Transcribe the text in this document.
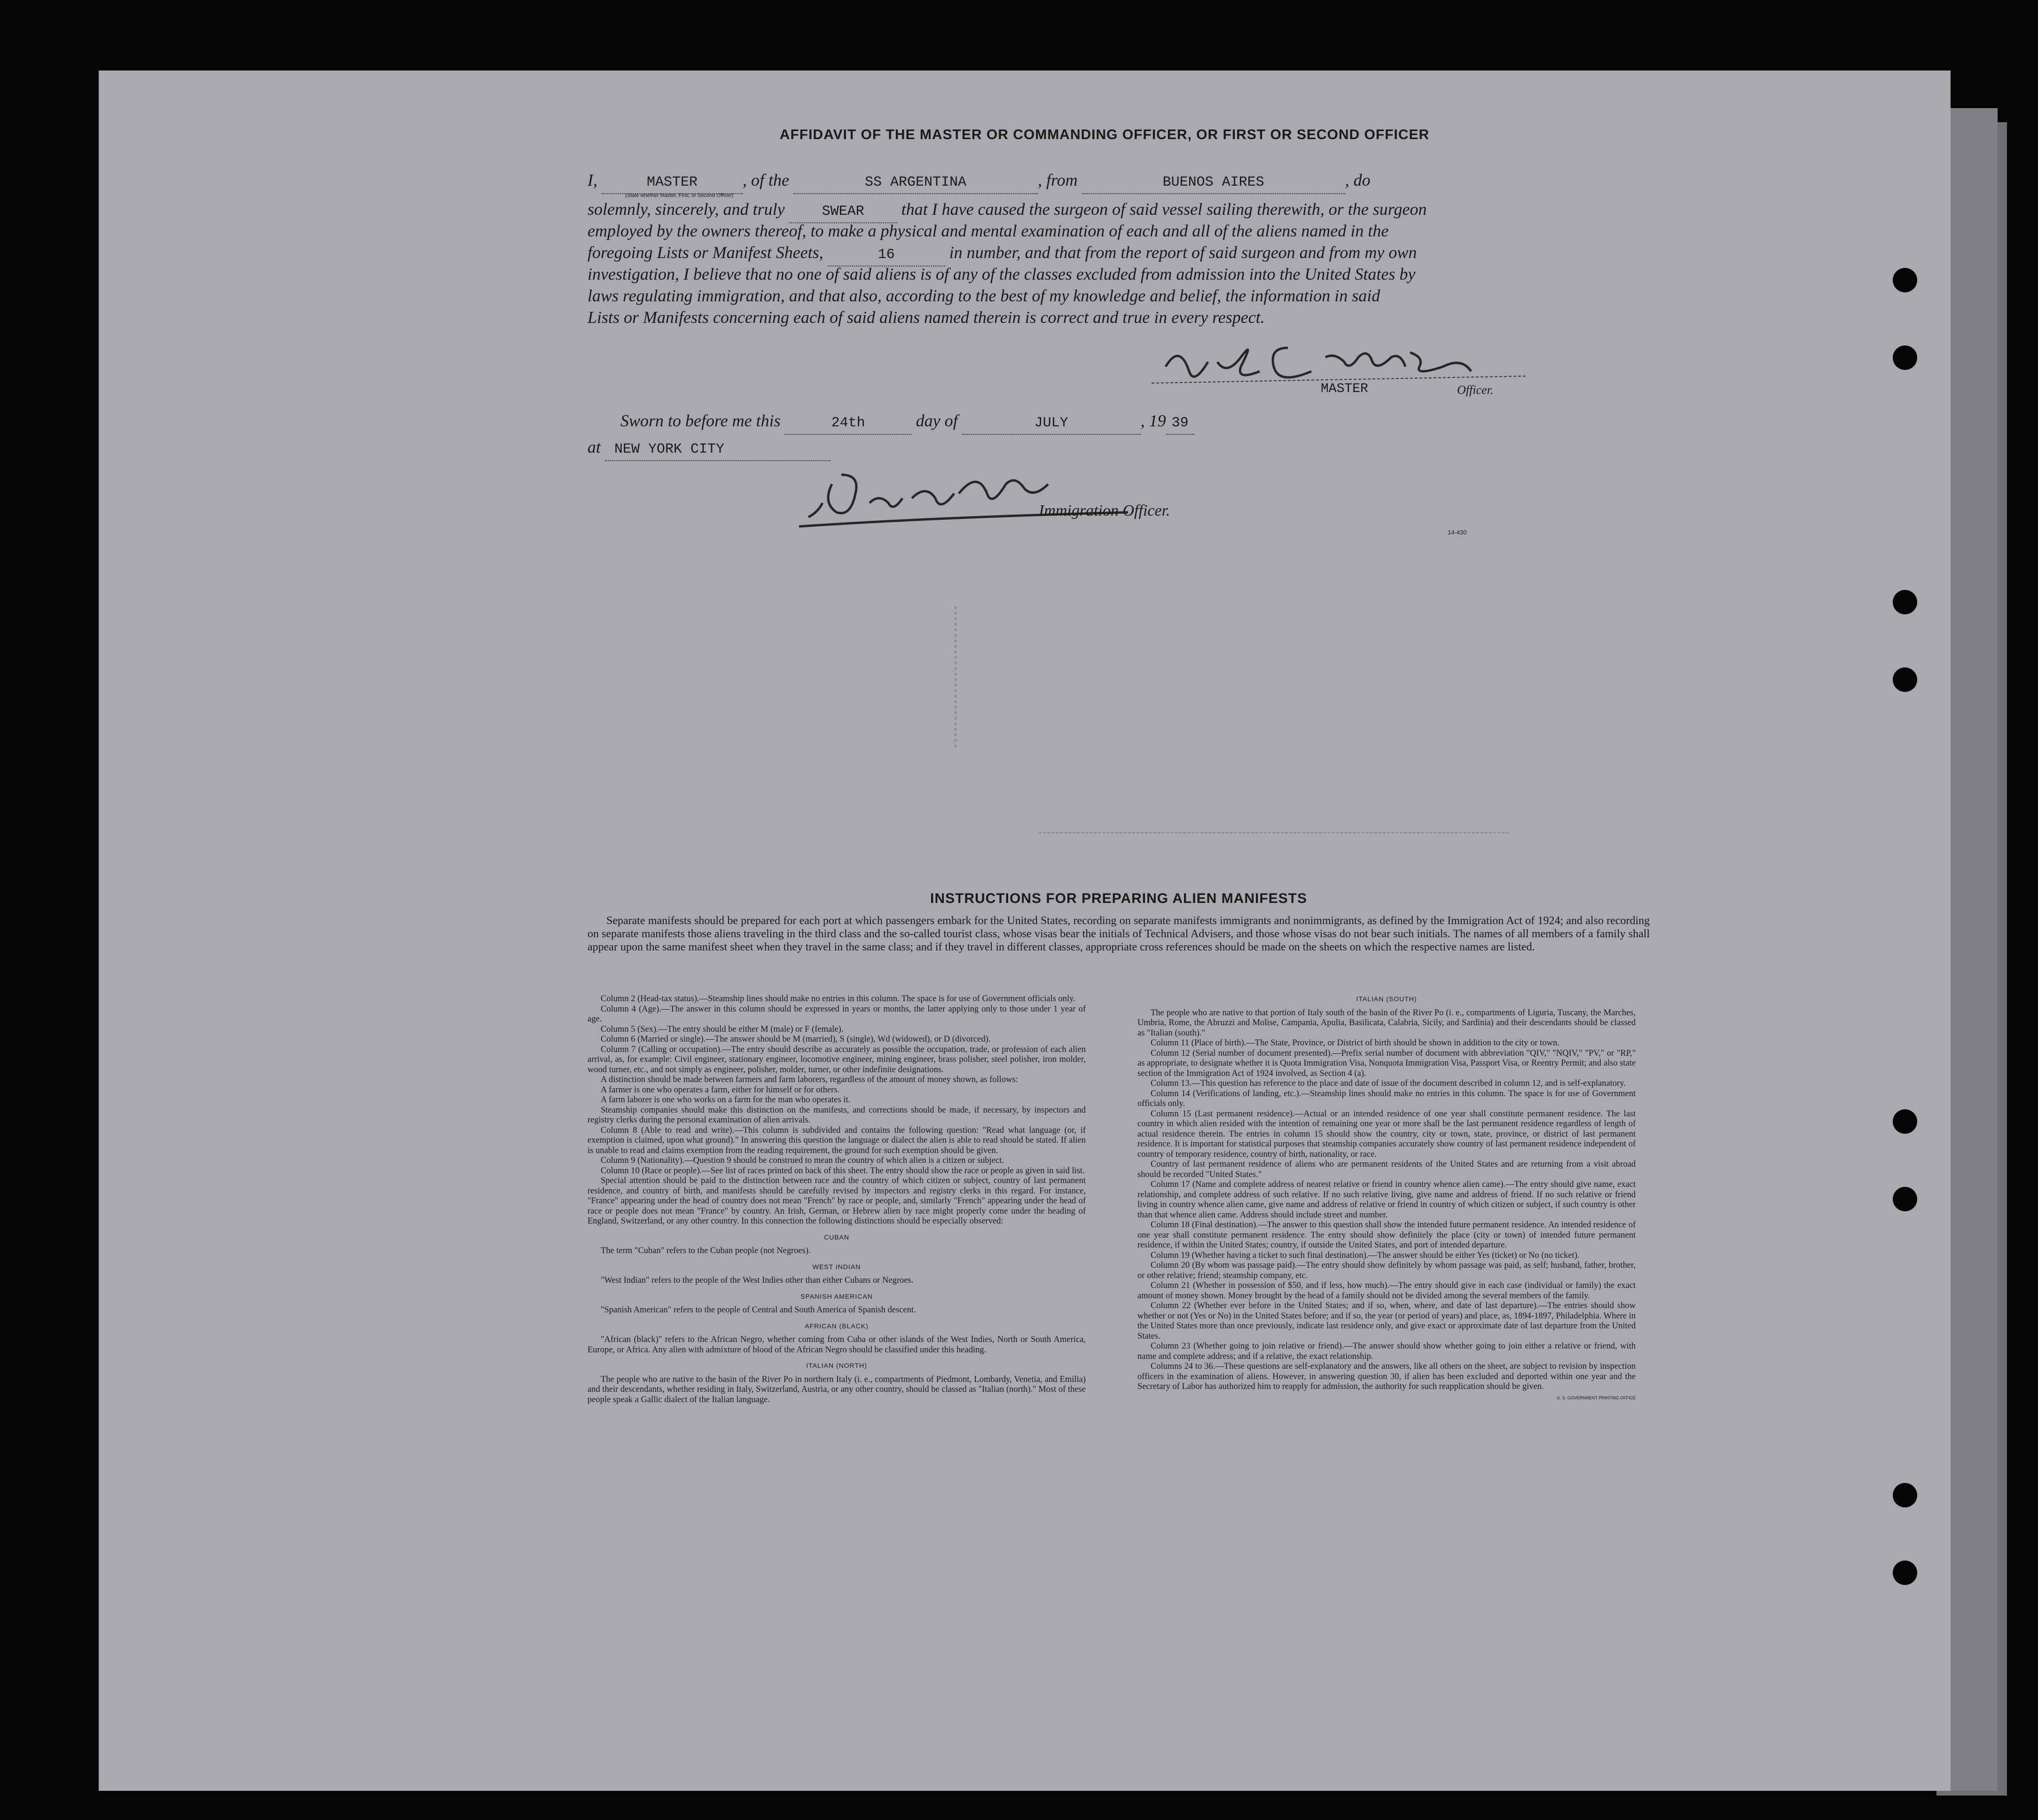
AFFIDAVIT OF THE MASTER OR COMMANDING OFFICER, OR FIRST OR SECOND OFFICER
I,	MASTER	, of the	SS ARGENTINA	, from	BUENOS AIRES	, do
(State whether Master, First, or Second Officer)
solemnly, sincerely, and truly	SWEAR that I have caused the surgeon of said vessel sailing therewith, or the surgeon
employed by the owners thereof, to make a physical and mental examination of each and all of the aliens named in the
foregoing Lists or Manifest Sheets,	16	in number, and that from the report of said surgeon and from my own
investigation, I believe that no one of said aliens is of any of the classes excluded from admission into the United States by
laws regulating immigration, and that also, according to the best of my knowledge and belief, the information in said
Lists or Manifests concerning each of said aliens named therein is correct and true in every respect.
MASTER	Officer.
Sworn to before me this	24th	day of	JULY	, 19 39
at NEW YORK CITY
Immigration Officer.
14-430
INSTRUCTIONS FOR PREPARING ALIEN MANIFESTS
Separate manifests should be prepared for each port at which passengers embark for the United States, recording on separate manifests immigrants and nonimmigrants, as defined by the Immigration Act of 1924; and also recording on separate manifests those aliens traveling in the third class and the so-called tourist class, whose visas bear the initials of Technical Advisers, and those whose visas do not bear such initials. The names of all members of a family shall appear upon the same manifest sheet when they travel in the same class; and if they travel in different classes, appropriate cross references should be made on the sheets on which the respective names are listed.

Column 2 (Head-tax status).—Steamship lines should make no entries in this column. The space is for use of Government officials only.

Column 4 (Age).—The answer in this column should be expressed in years or months, the latter applying only to those under 1 year of age.

Column 5 (Sex).—The entry should be either M (male) or F (female).

Column 6 (Married or single).—The answer should be M (married), S (single), Wd (widowed), or D (divorced).

Column 7 (Calling or occupation).—The entry should describe as accurately as possible the occupation, trade, or profession of each alien arrival, as, for example: Civil engineer, stationary engineer, locomotive engineer, mining engineer, brass polisher, steel polisher, iron molder, wood turner, etc., and not simply as engineer, polisher, molder, turner, or other indefinite designations.

A distinction should be made between farmers and farm laborers, regardless of the amount of money shown, as follows:

A farmer is one who operates a farm, either for himself or for others.

A farm laborer is one who works on a farm for the man who operates it.

Steamship companies should make this distinction on the manifests, and corrections should be made, if necessary, by inspectors and registry clerks during the personal examination of alien arrivals.

Column 8 (Able to read and write).—This column is subdivided and contains the following question: "Read what language (or, if exemption is claimed, upon what ground)." In answering this question the language or dialect the alien is able to read should be stated. If alien is unable to read and claims exemption from the reading requirement, the ground for such exemption should be given.

Column 9 (Nationality).—Question 9 should be construed to mean the country of which alien is a citizen or subject.

Column 10 (Race or people).—See list of races printed on back of this sheet. The entry should show the race or people as given in said list.

Special attention should be paid to the distinction between race and the country of which citizen or subject, country of last permanent residence, and country of birth, and manifests should be carefully revised by inspectors and registry clerks in this regard. For instance, "France" appearing under the head of country does not mean "French" by race or people, and, similarly "French" appearing under the head of race or people does not mean "France" by country. An Irish, German, or Hebrew alien by race might properly come under the heading of England, Switzerland, or any other country. In this connection the following distinctions should be especially observed:

CUBAN

The term "Cuban" refers to the Cuban people (not Negroes).

WEST INDIAN

"West Indian" refers to the people of the West Indies other than either Cubans or Negroes.

SPANISH AMERICAN

"Spanish American" refers to the people of Central and South America of Spanish descent.

AFRICAN (BLACK)

"African (black)" refers to the African Negro, whether coming from Cuba or other islands of the West Indies, North or South America, Europe, or Africa. Any alien with admixture of blood of the African Negro should be classified under this heading.

ITALIAN (NORTH)

The people who are native to the basin of the River Po in northern Italy (i. e., compartments of Piedmont, Lombardy, Venetia, and Emilia) and their descendants, whether residing in Italy, Switzerland, Austria, or any other country, should be classed as "Italian (north)." Most of these people speak a Gallic dialect of the Italian language.

ITALIAN (SOUTH)

The people who are native to that portion of Italy south of the basin of the River Po (i. e., compartments of Liguria, Tuscany, the Marches, Umbria, Rome, the Abruzzi and Molise, Campania, Apulia, Basilicata, Calabria, Sicily, and Sardinia) and their descendants should be classed as "Italian (south)."

Column 11 (Place of birth).—The State, Province, or District of birth should be shown in addition to the city or town.

Column 12 (Serial number of document presented).—Prefix serial number of document with abbreviation "QIV," "NQIV," "PV," or "RP," as appropriate, to designate whether it is Quota Immigration Visa, Nonquota Immigration Visa, Passport Visa, or Reentry Permit; and also state section of the Immigration Act of 1924 involved, as Section 4 (a).

Column 13.—This question has reference to the place and date of issue of the document described in column 12, and is self-explanatory.

Column 14 (Verifications of landing, etc.).—Steamship lines should make no entries in this column. The space is for use of Government officials only.

Column 15 (Last permanent residence).—Actual or an intended residence of one year shall constitute permanent residence. The last country in which alien resided with the intention of remaining one year or more shall be the last permanent residence regardless of length of actual residence therein. The entries in column 15 should show the country, city or town, state, province, or district of last permanent residence. It is important for statistical purposes that steamship companies accurately show country of last permanent residence independent of country of temporary residence, country of birth, nationality, or race.

Country of last permanent residence of aliens who are permanent residents of the United States and are returning from a visit abroad should be recorded "United States."

Column 17 (Name and complete address of nearest relative or friend in country whence alien came).—The entry should give name, exact relationship, and complete address of such relative. If no such relative living, give name and address of friend. If no such relative or friend living in country whence alien came, give name and address of relative or friend in country of which citizen or subject, if such country is other than that whence alien came. Address should include street and number.

Column 18 (Final destination).—The answer to this question shall show the intended future permanent residence. An intended residence of one year shall constitute permanent residence. The entry should show definitely the place (city or town) of intended future permanent residence, if within the United States; country, if outside the United States, and port of intended departure.

Column 19 (Whether having a ticket to such final destination).—The answer should be either Yes (ticket) or No (no ticket).

Column 20 (By whom was passage paid).—The entry should show definitely by whom passage was paid, as self; husband, father, brother, or other relative; friend; steamship company, etc.

Column 21 (Whether in possession of $50, and if less, how much).—The entry should give in each case (individual or family) the exact amount of money shown. Money brought by the head of a family should not be divided among the several members of the family.

Column 22 (Whether ever before in the United States; and if so, when, where, and date of last departure).—The entries should show whether or not (Yes or No) in the United States before; and if so, the year (or period of years) and place, as, 1894-1897, Philadelphia. Where in the United States more than once previously, indicate last residence only, and give exact or approximate date of last departure from the United States.

Column 23 (Whether going to join relative or friend).—The answer should show whether going to join either a relative or friend, with name and complete address; and if a relative, the exact relationship.

Columns 24 to 36.—These questions are self-explanatory and the answers, like all others on the sheet, are subject to revision by inspection officers in the examination of aliens. However, in answering question 30, if alien has been excluded and deported within one year and the Secretary of Labor has authorized him to reapply for admission, the authority for such reapplication should be given.

U. S. GOVERNMENT PRINTING OFFICE
